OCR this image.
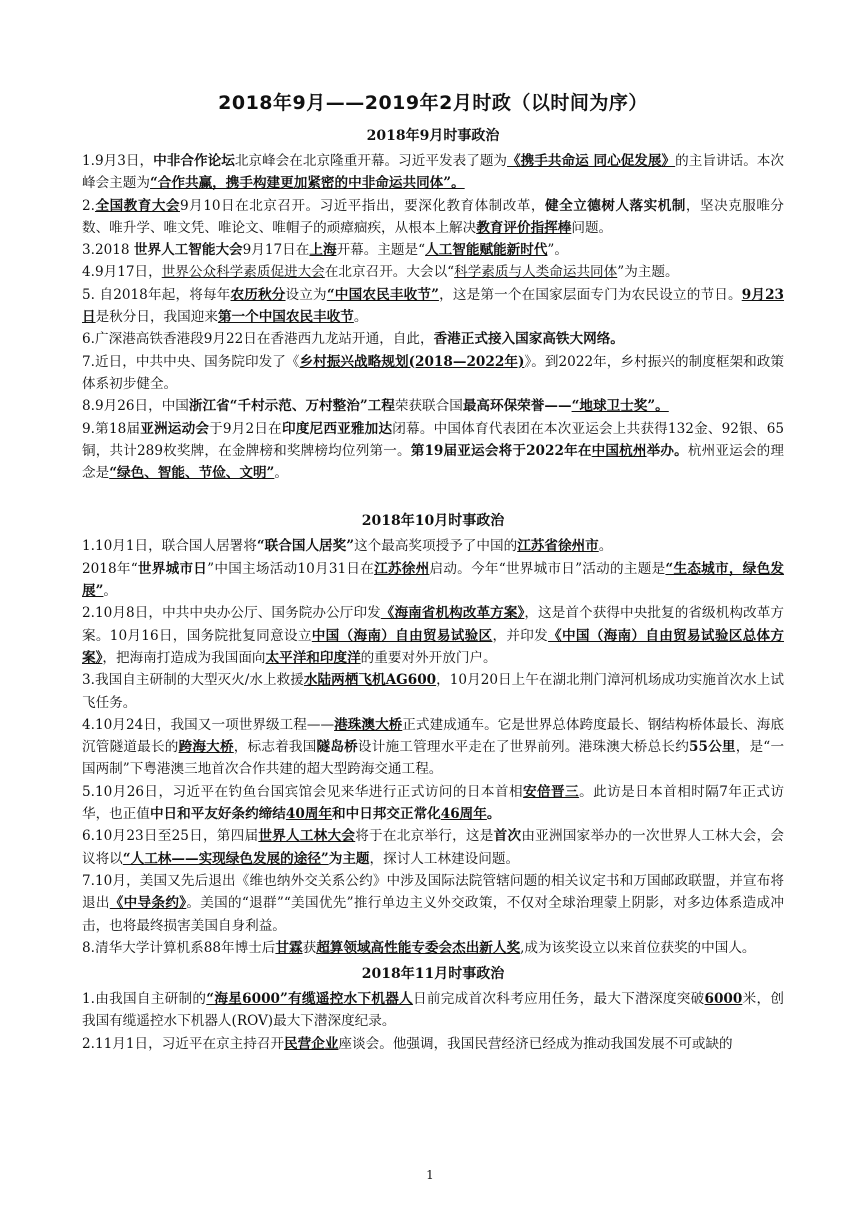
2018年9月——2019年2月时政（以时间为序）
2018年9月时事政治

1.9月3日，中非合作论坛北京峰会在北京隆重开幕。习近平发表了题为《携手共命运 同心促发展》的主旨讲话。本次峰会主题为“合作共赢，携手构建更加紧密的中非命运共同体”。

2.全国教育大会9月10日在北京召开。习近平指出，要深化教育体制改革，健全立德树人落实机制，坚决克服唯分数、唯升学、唯文凭、唯论文、唯帽子的顽瘴痼疾，从根本上解决教育评价指挥棒问题。

3.2018 世界人工智能大会9月17日在上海开幕。主题是“人工智能赋能新时代”。

4.9月17日，世界公众科学素质促进大会在北京召开。大会以“科学素质与人类命运共同体”为主题。

5. 自2018年起，将每年农历秋分设立为“中国农民丰收节”，这是第一个在国家层面专门为农民设立的节日。9月23日是秋分日，我国迎来第一个中国农民丰收节。

6.广深港高铁香港段9月22日在香港西九龙站开通，自此，香港正式接入国家高铁大网络。

7.近日，中共中央、国务院印发了《乡村振兴战略规划(2018—2022年)》。到2022年，乡村振兴的制度框架和政策体系初步健全。

8.9月26日，中国浙江省“千村示范、万村整治”工程荣获联合国最高环保荣誉——“地球卫士奖”。

9.第18届亚洲运动会于9月2日在印度尼西亚雅加达闭幕。中国体育代表团在本次亚运会上共获得132金、92银、65铜，共计289枚奖牌，在金牌榜和奖牌榜均位列第一。第19届亚运会将于2022年在中国杭州举办。杭州亚运会的理念是“绿色、智能、节俭、文明”。

2018年10月时事政治

1.10月1日，联合国人居署将“联合国人居奖”这个最高奖项授予了中国的江苏省徐州市。

2018年“世界城市日”中国主场活动10月31日在江苏徐州启动。今年“世界城市日”活动的主题是“生态城市，绿色发展”。

2.10月8日，中共中央办公厅、国务院办公厅印发《海南省机构改革方案》，这是首个获得中央批复的省级机构改革方案。10月16日，国务院批复同意设立中国（海南）自由贸易试验区，并印发《中国（海南）自由贸易试验区总体方案》，把海南打造成为我国面向太平洋和印度洋的重要对外开放门户。

3.我国自主研制的大型灭火/水上救援水陆两栖飞机AG600，10月20日上午在湖北荆门漳河机场成功实施首次水上试飞任务。

4.10月24日，我国又一项世界级工程——港珠澳大桥正式建成通车。它是世界总体跨度最长、钢结构桥体最长、海底沉管隧道最长的跨海大桥，标志着我国隧岛桥设计施工管理水平走在了世界前列。港珠澳大桥总长约55公里，是“一国两制”下粤港澳三地首次合作共建的超大型跨海交通工程。

5.10月26日，习近平在钓鱼台国宾馆会见来华进行正式访问的日本首相安倍晋三。此访是日本首相时隔7年正式访华，也正值中日和平友好条约缔结40周年和中日邦交正常化46周年。

6.10月23日至25日，第四届世界人工林大会将于在北京举行，这是首次由亚洲国家举办的一次世界人工林大会，会议将以“人工林——实现绿色发展的途径”为主题，探讨人工林建设问题。

7.10月，美国又先后退出《维也纳外交关系公约》中涉及国际法院管辖问题的相关议定书和万国邮政联盟，并宣布将退出《中导条约》。美国的“退群”“美国优先”推行单边主义外交政策，不仅对全球治理蒙上阴影，对多边体系造成冲击，也将最终损害美国自身利益。

8.清华大学计算机系88年博士后甘霖获超算领域高性能专委会杰出新人奖,成为该奖设立以来首位获奖的中国人。

2018年11月时事政治

1.由我国自主研制的“海星6000”有缆遥控水下机器人日前完成首次科考应用任务，最大下潜深度突破6000米，创我国有缆遥控水下机器人(ROV)最大下潜深度纪录。

2.11月1日，习近平在京主持召开民营企业座谈会。他强调，我国民营经济已经成为推动我国发展不可或缺的

1
